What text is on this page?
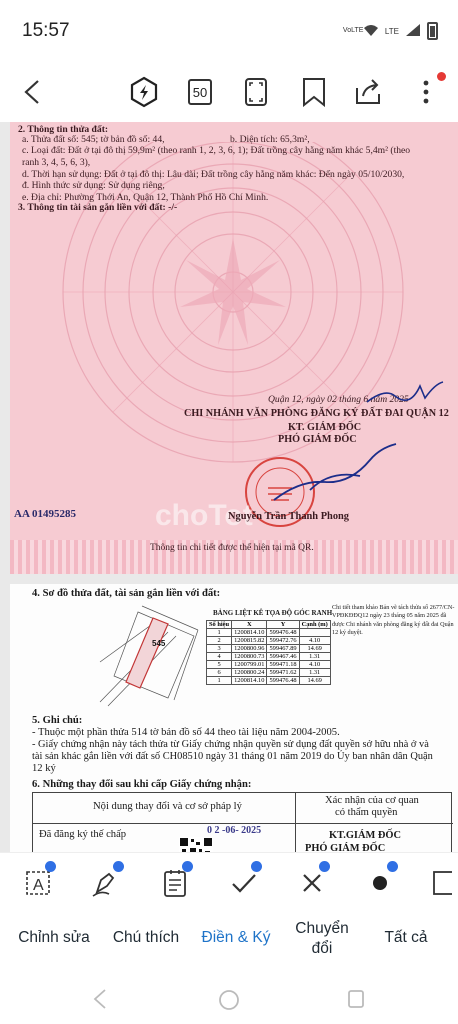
15:57	VoLTE	LTE
50
2. Thông tin thửa đất:
a. Thửa đất số: 545; tờ bản đồ số: 44,	b. Diện tích: 65,3m²,
c. Loại đất: Đất ở tại đô thị 59,9m² (theo ranh 1, 2, 3, 6, 1); Đất trồng cây hằng năm khác 5,4m² (theo
ranh 3, 4, 5, 6, 3),
d. Thời hạn sử dụng: Đất ở tại đô thị: Lâu dài; Đất trồng cây hằng năm khác: Đến ngày 05/10/2030,
đ. Hình thức sử dụng: Sử dụng riêng,
e. Địa chỉ: Phường Thới An, Quận 12, Thành Phố Hồ Chí Minh.
3. Thông tin tài sản gắn liền với đất: -/-
Quận 12, ngày 02 tháng 6 năm 2025
CHI NHÁNH VĂN PHÒNG ĐĂNG KÝ ĐẤT ĐAI QUẬN 12
KT. GIÁM ĐỐC
PHÓ GIÁM ĐỐC
AA 01495285	choTot
Nguyễn Trần Thanh Phong
Thông tin chi tiết được thể hiện tại mã QR.
4. Sơ đồ thửa đất, tài sản gắn liền với đất:
545
BẢNG LIỆT KÊ TỌA ĐỘ GÓC RANH
Số hiệu	X	Y	Cạnh (m)
1	1200814.10	599476.48	
2	1200815.82	599472.76	4.10
3	1200800.96	599467.89	14.69
4	1200800.73	599467.46	1.31
5	1200799.01	599471.18	4.10
6	1200800.24	599471.62	1.31
1	1200814.10	599476.48	14.69
Chi tiết tham khảo Bản vẽ tách thửa số 2677/CN-VPĐKĐĐQ12 ngày 23 tháng 05 năm 2025 đã được Chi nhánh văn phòng đăng ký đất đai Quận 12 ký duyệt.
5. Ghi chú:
- Thuộc một phần thửa 514 tờ bản đồ số 44 theo tài liệu năm 2004-2005.
- Giấy chứng nhận này tách thửa từ Giấy chứng nhận quyền sử dụng đất quyền sở hữu nhà ở và
tài sản khác gắn liền với đất số CH08510 ngày 31 tháng 01 năm 2019 do Ủy ban nhân dân Quận
12 ký
6. Những thay đổi sau khi cấp Giấy chứng nhận:
Nội dung thay đổi và cơ sở pháp lý
Xác nhận của cơ quan
có thẩm quyền
Đã đăng ký thế chấp	0 2 -06- 2025	KT.GIÁM ĐỐC
PHÓ GIÁM ĐỐC
A
Chỉnh sửa	Chú thích	Điền & Ký
Chuyển
đổi
Tất cả
